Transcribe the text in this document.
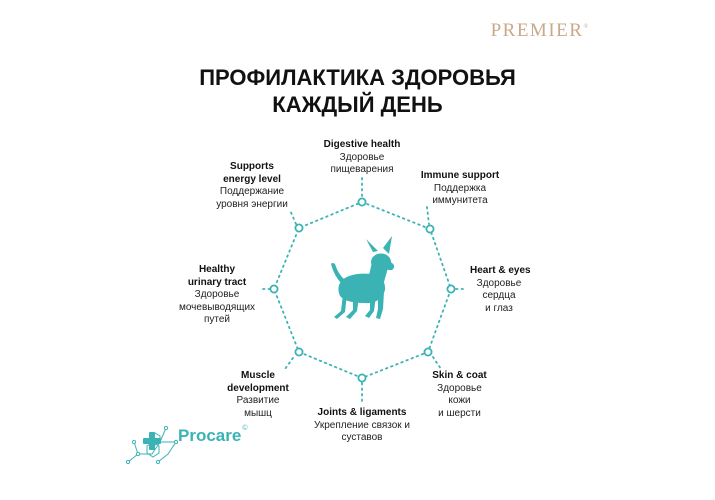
PREMIER®
ПРОФИЛАКТИКА ЗДОРОВЬЯ
КАЖДЫЙ ДЕНЬ
Digestive health
Здоровье
пищеварения
Immune support
Поддержка
иммунитета
Heart & eyes
Здоровье
сердца
и глаз
Skin & coat
Здоровье
кожи
и шерсти
Joints & ligaments
Укрепление связок и
суставов
Muscle
development
Развитие
мышц
Healthy
urinary tract
Здоровье
мочевыводящих
путей
Supports
energy level
Поддержание
уровня энергии
Procare©
